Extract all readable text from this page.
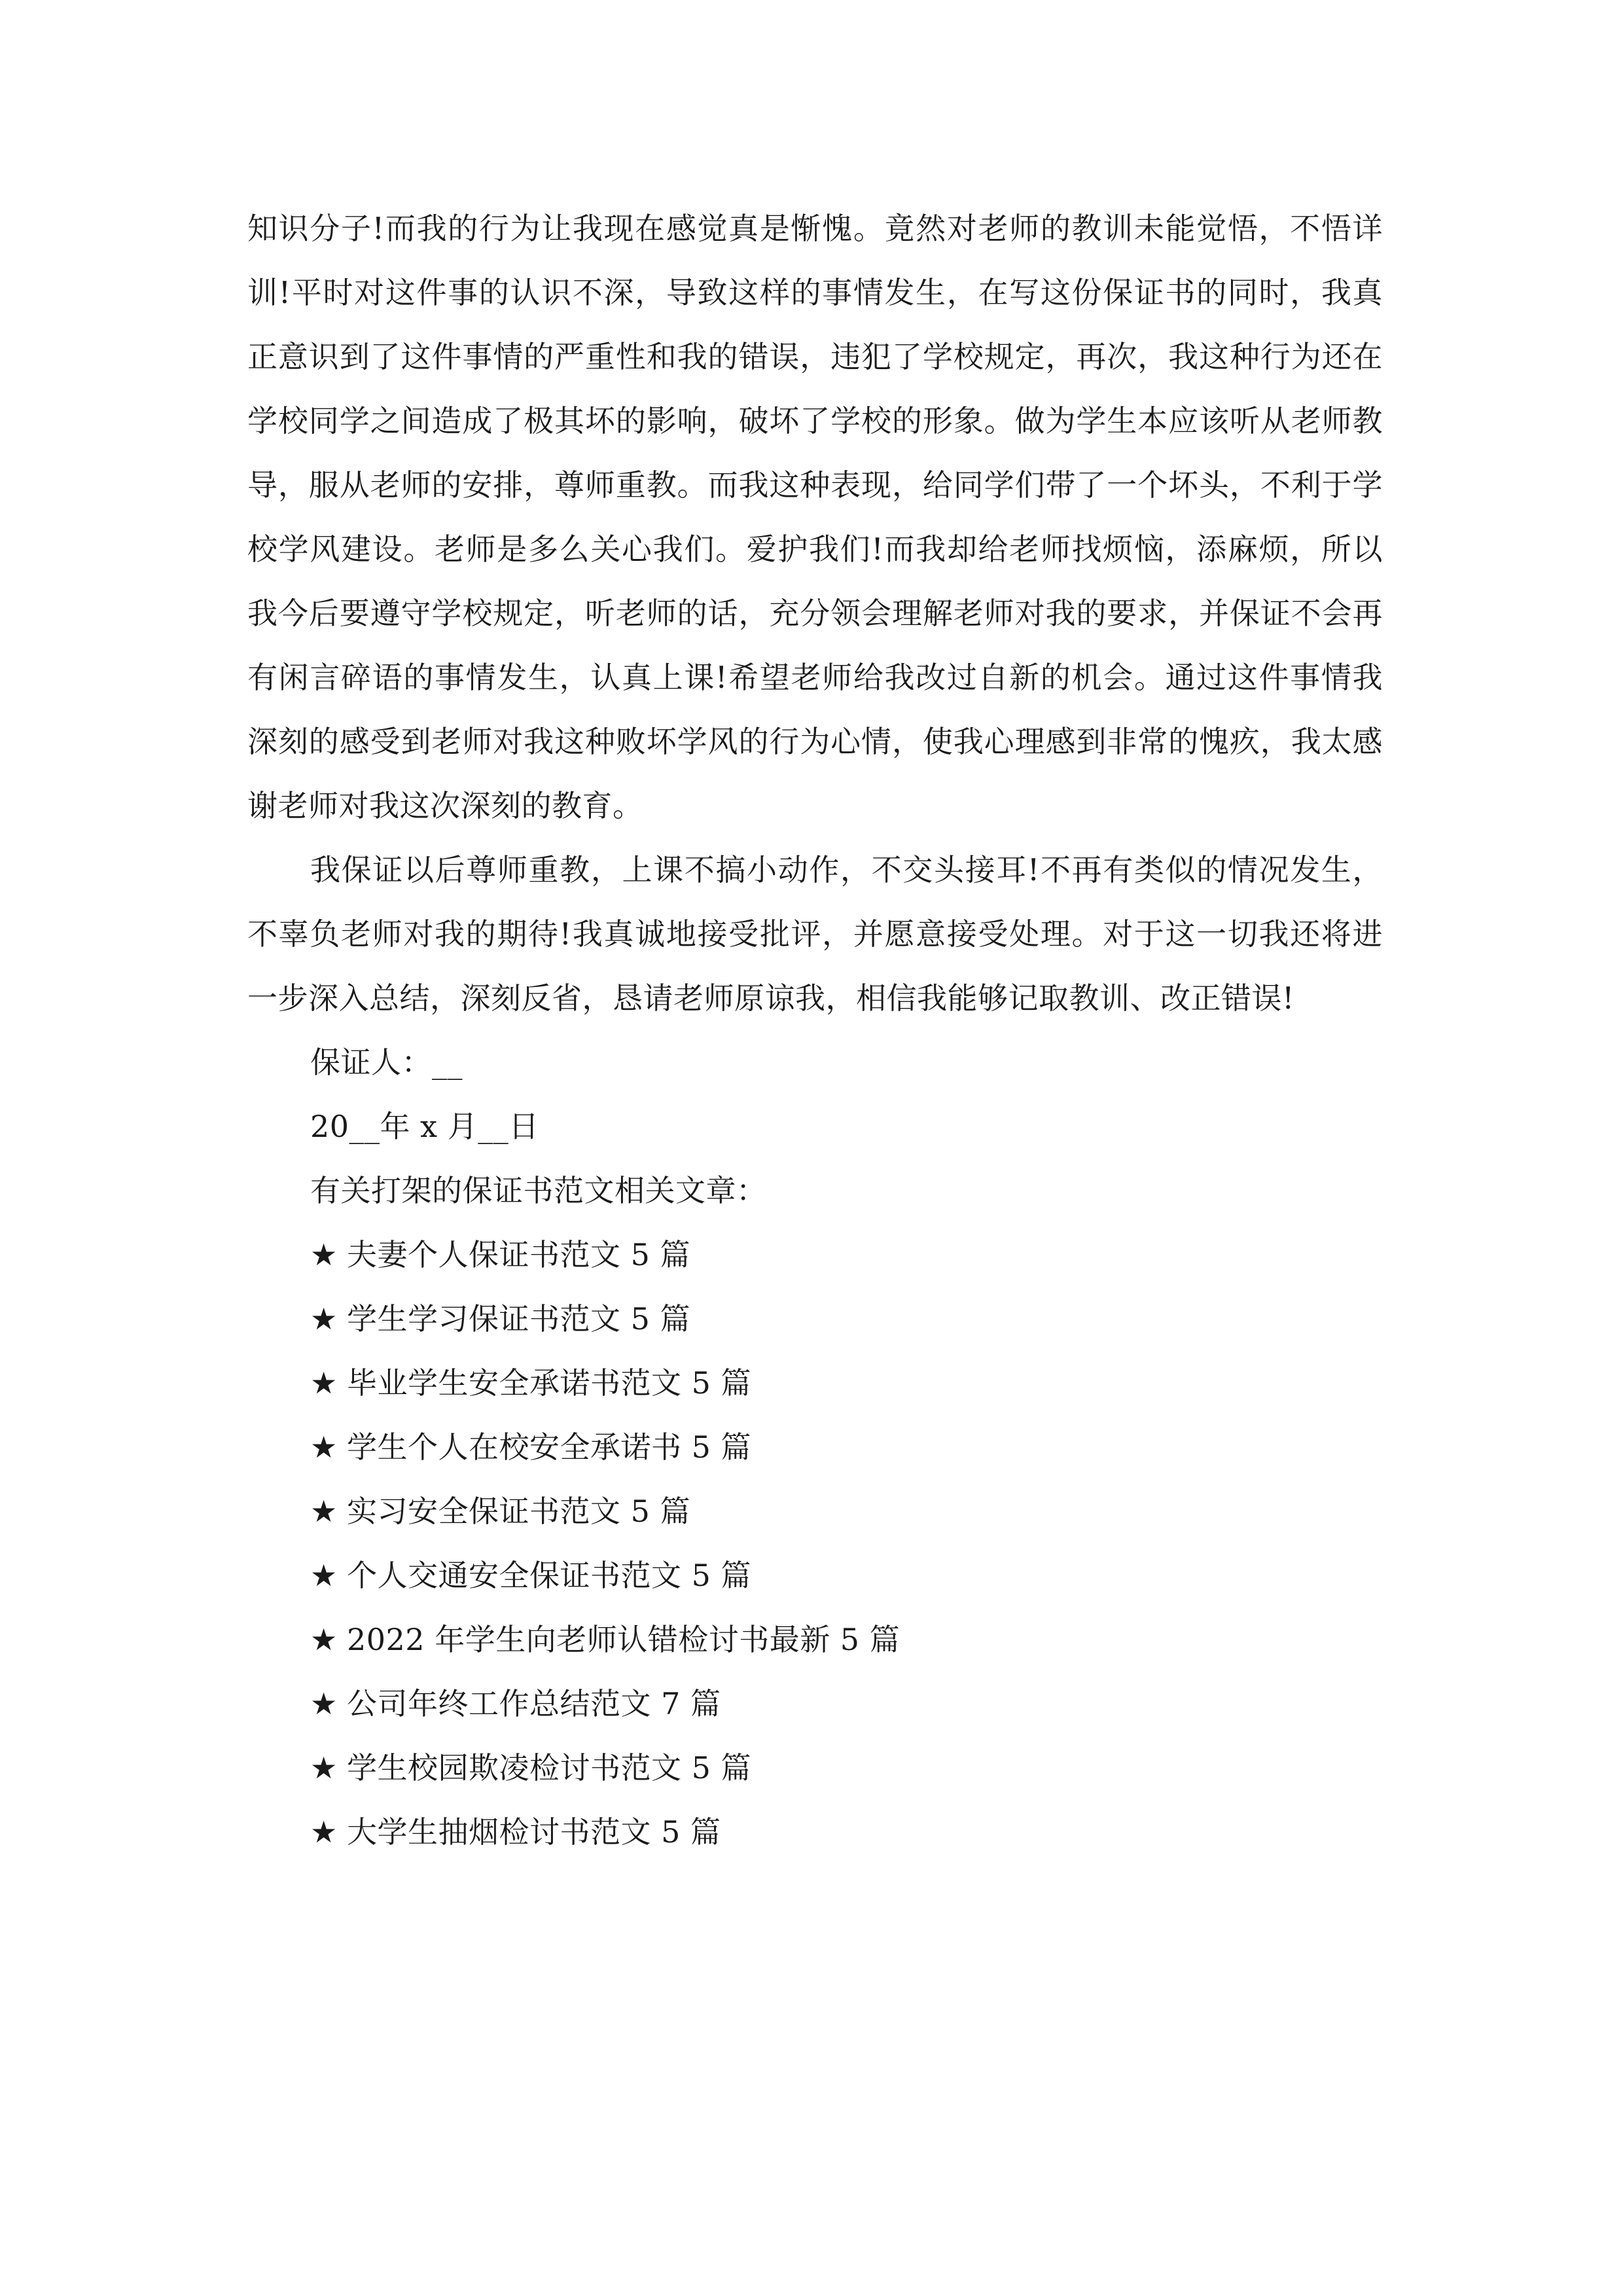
知识分子!而我的行为让我现在感觉真是惭愧。竟然对老师的教训未能觉悟，不悟详训!平时对这件事的认识不深，导致这样的事情发生，在写这份保证书的同时，我真正意识到了这件事情的严重性和我的错误，违犯了学校规定，再次，我这种行为还在学校同学之间造成了极其坏的影响，破坏了学校的形象。做为学生本应该听从老师教导，服从老师的安排，尊师重教。而我这种表现，给同学们带了一个坏头，不利于学校学风建设。老师是多么关心我们。爱护我们!而我却给老师找烦恼，添麻烦，所以我今后要遵守学校规定，听老师的话，充分领会理解老师对我的要求，并保证不会再有闲言碎语的事情发生，认真上课!希望老师给我改过自新的机会。通过这件事情我深刻的感受到老师对我这种败坏学风的行为心情，使我心理感到非常的愧疚，我太感谢老师对我这次深刻的教育。

我保证以后尊师重教，上课不搞小动作，不交头接耳!不再有类似的情况发生，不辜负老师对我的期待!我真诚地接受批评，并愿意接受处理。对于这一切我还将进一步深入总结，深刻反省，恳请老师原谅我，相信我能够记取教训、改正错误!

保证人：__

20__年 x 月__日

有关打架的保证书范文相关文章：

★ 夫妻个人保证书范文 5 篇
★ 学生学习保证书范文 5 篇
★ 毕业学生安全承诺书范文 5 篇
★ 学生个人在校安全承诺书 5 篇
★ 实习安全保证书范文 5 篇
★ 个人交通安全保证书范文 5 篇
★ 2022 年学生向老师认错检讨书最新 5 篇
★ 公司年终工作总结范文 7 篇
★ 学生校园欺凌检讨书范文 5 篇
★ 大学生抽烟检讨书范文 5 篇
